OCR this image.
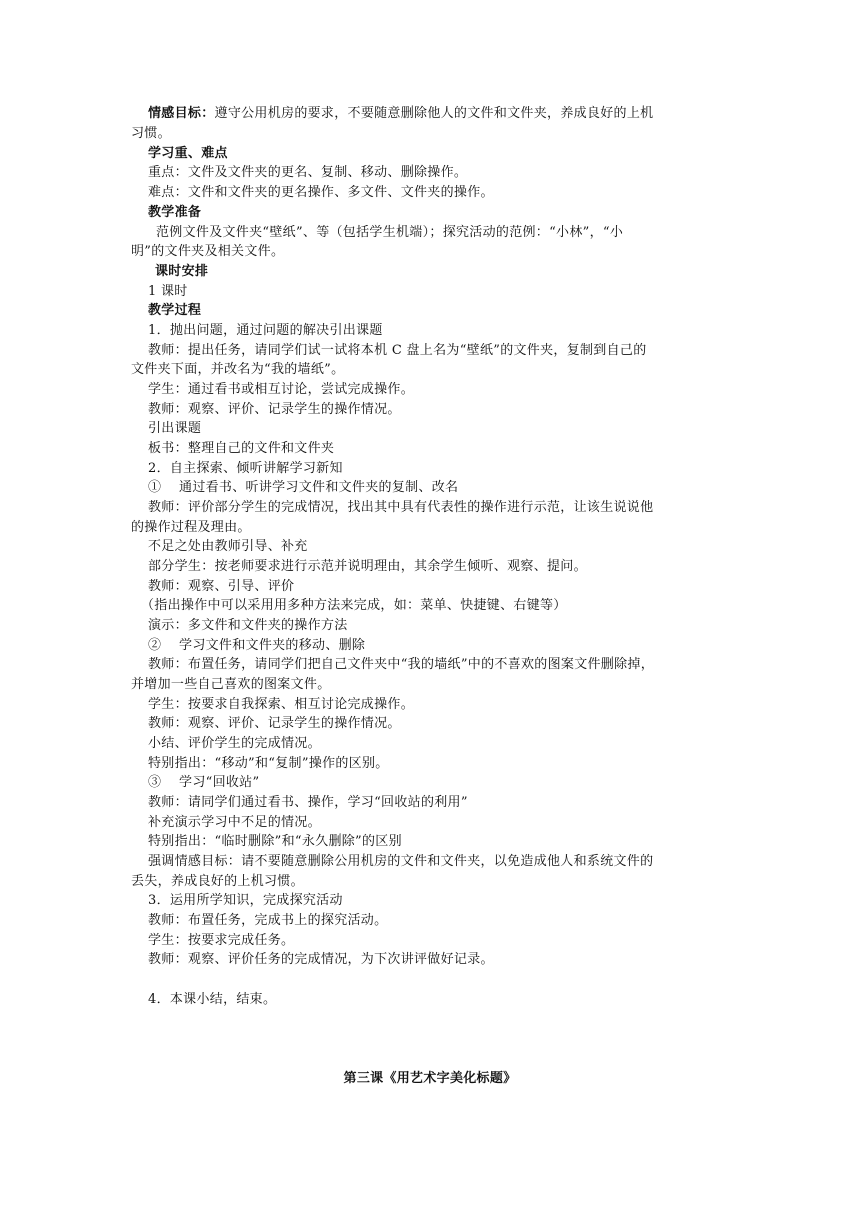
情感目标：遵守公用机房的要求，不要随意删除他人的文件和文件夹，养成良好的上机
习惯。
学习重、难点
重点：文件及文件夹的更名、复制、移动、删除操作。
难点：文件和文件夹的更名操作、多文件、文件夹的操作。
教学准备
范例文件及文件夹“壁纸”、等（包括学生机端）；探究活动的范例：“小林”，“小
明”的文件夹及相关文件。
课时安排
1 课时
教学过程
1．抛出问题，通过问题的解决引出课题
教师：提出任务，请同学们试一试将本机 C 盘上名为“壁纸”的文件夹，复制到自己的
文件夹下面，并改名为“我的墙纸”。
学生：通过看书或相互讨论，尝试完成操作。
教师：观察、评价、记录学生的操作情况。
引出课题
板书：整理自己的文件和文件夹
2．自主探索、倾听讲解学习新知
①　 通过看书、听讲学习文件和文件夹的复制、改名
教师：评价部分学生的完成情况，找出其中具有代表性的操作进行示范，让该生说说他
的操作过程及理由。
不足之处由教师引导、补充
部分学生：按老师要求进行示范并说明理由，其余学生倾听、观察、提问。
教师：观察、引导、评价
（指出操作中可以采用用多种方法来完成，如：菜单、快捷键、右键等）
演示：多文件和文件夹的操作方法
②　 学习文件和文件夹的移动、删除
教师：布置任务，请同学们把自己文件夹中“我的墙纸”中的不喜欢的图案文件删除掉，
并增加一些自己喜欢的图案文件。
学生：按要求自我探索、相互讨论完成操作。
教师：观察、评价、记录学生的操作情况。
小结、评价学生的完成情况。
特别指出：“移动”和“复制”操作的区别。
③　 学习“回收站”
教师：请同学们通过看书、操作，学习“回收站的利用”
补充演示学习中不足的情况。
特别指出：“临时删除”和“永久删除”的区别
强调情感目标：请不要随意删除公用机房的文件和文件夹，以免造成他人和系统文件的
丢失，养成良好的上机习惯。
3．运用所学知识，完成探究活动
教师：布置任务，完成书上的探究活动。
学生：按要求完成任务。
教师：观察、评价任务的完成情况，为下次讲评做好记录。
4．本课小结，结束。
第三课《用艺术字美化标题》
